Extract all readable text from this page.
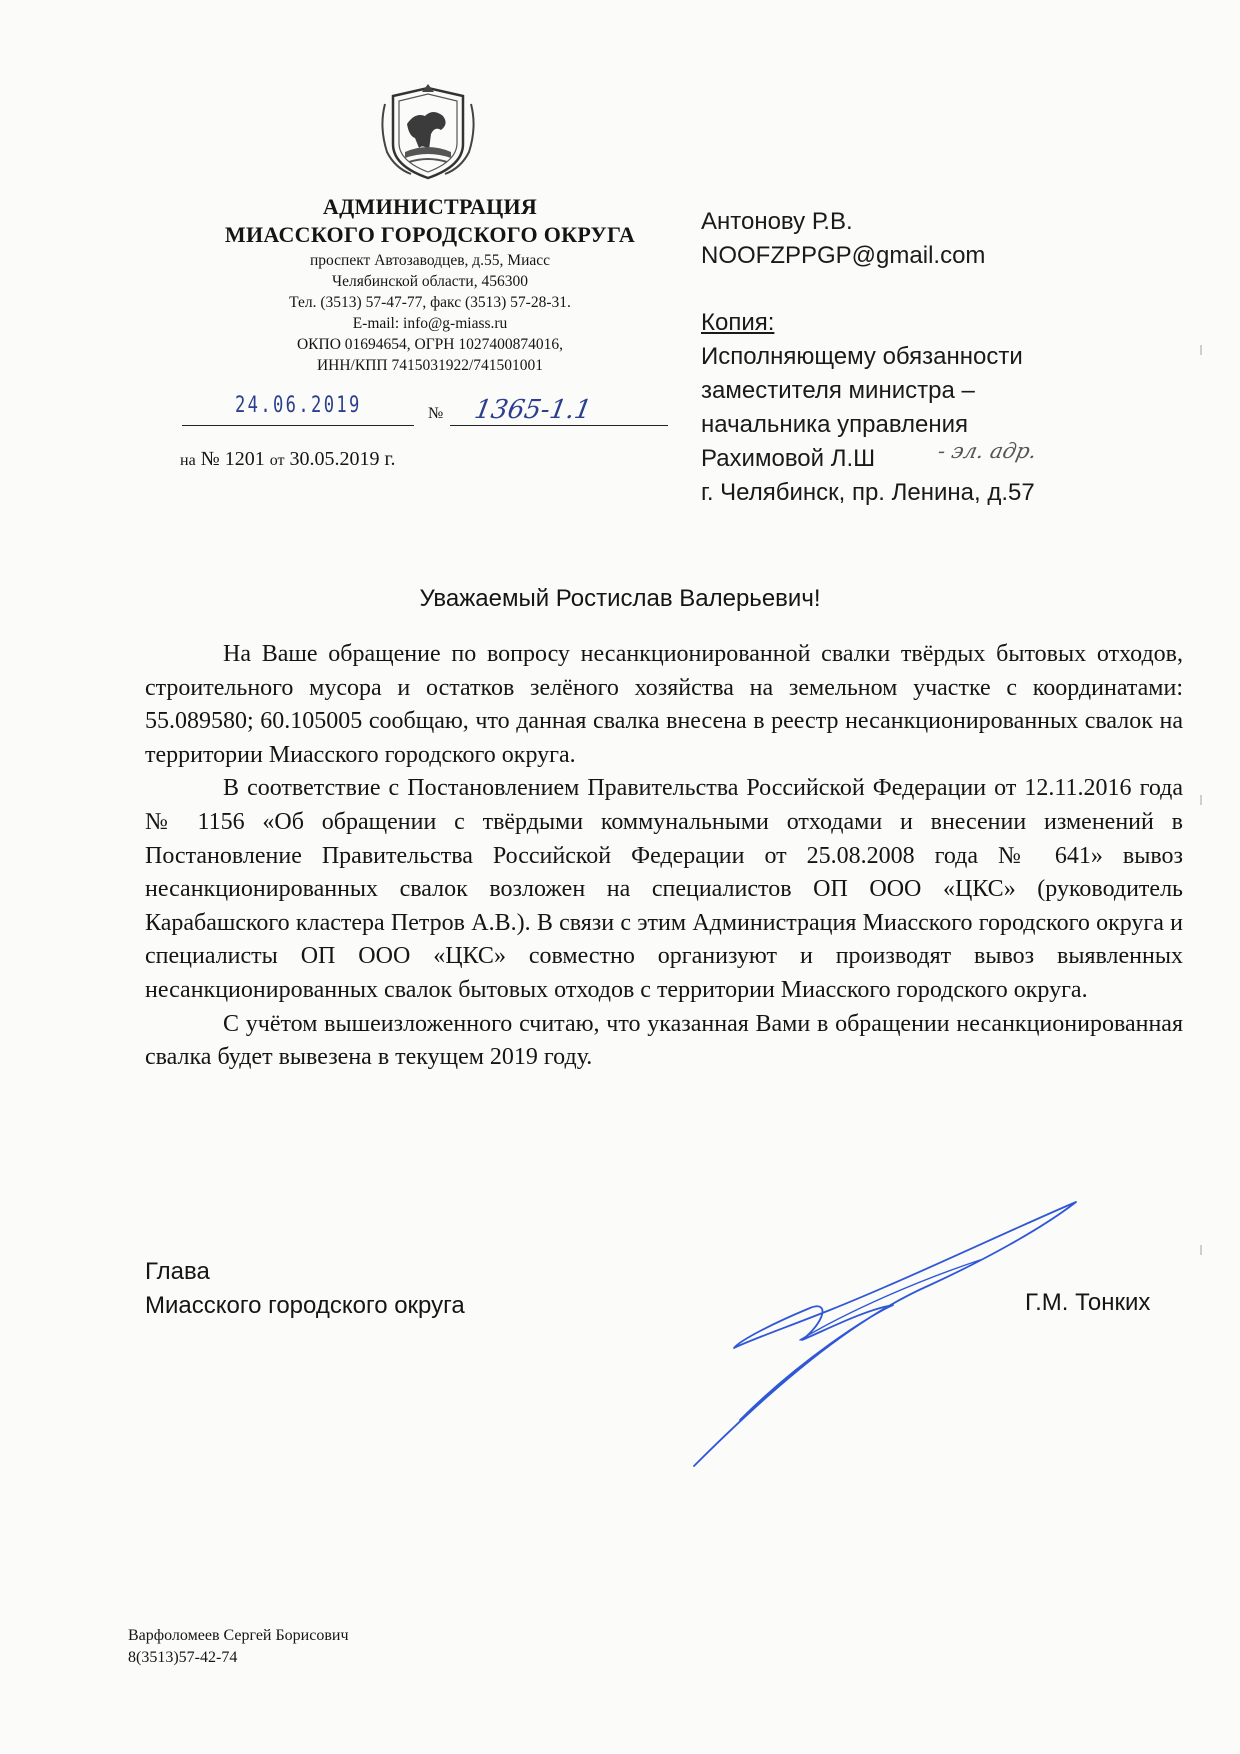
АДМИНИСТРАЦИЯ
МИАССКОГО ГОРОДСКОГО ОКРУГА
проспект Автозаводцев, д.55, Миасс
Челябинской области, 456300
Тел. (3513) 57-47-77, факс (3513) 57-28-31.
E-mail: info@g-miass.ru
ОКПО 01694654, ОГРН 1027400874016,
ИНН/КПП 7415031922/741501001
24.06.2019	№ 1365-1.1
на № 1201 от 30.05.2019 г.
Антонову Р.В.
NOOFZPPGP@gmail.com
Копия:
Исполняющему обязанности
заместителя министра –
начальника управления
Рахимовой Л.Ш
г. Челябинск, пр. Ленина, д.57
- эл. адр.
Уважаемый Ростислав Валерьевич!

На Ваше обращение по вопросу несанкционированной свалки твёрдых бытовых отходов, строительного мусора и остатков зелёного хозяйства на земельном участке с координатами: 55.089580; 60.105005 сообщаю, что данная свалка внесена в реестр несанкционированных свалок на территории Миасского городского округа.

В соответствие с Постановлением Правительства Российской Федерации от 12.11.2016 года № 1156 «Об обращении с твёрдыми коммунальными отходами и внесении изменений в Постановление Правительства Российской Федерации от 25.08.2008 года № 641» вывоз несанкционированных свалок возложен на специалистов ОП ООО «ЦКС» (руководитель Карабашского кластера Петров А.В.). В связи с этим Администрация Миасского городского округа и специалисты ОП ООО «ЦКС» совместно организуют и производят вывоз выявленных несанкционированных свалок бытовых отходов с территории Миасского городского округа.

С учётом вышеизложенного считаю, что указанная Вами в обращении несанкционированная свалка будет вывезена в текущем 2019 году.

Глава
Миасского городского округа	Г.М. Тонких
Варфоломеев Сергей Борисович
8(3513)57-42-74
